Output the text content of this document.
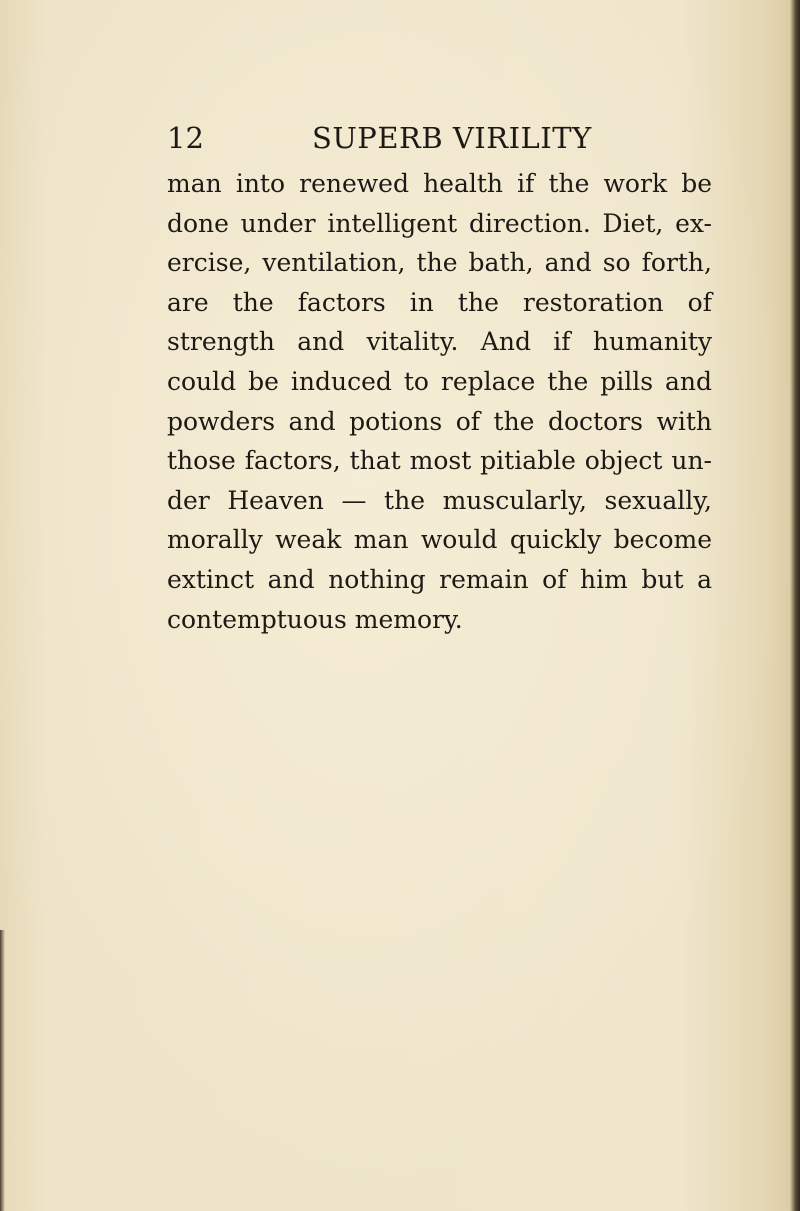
12	SUPERB VIRILITY
man into renewed health if the work be
done under intelligent direction. Diet, ex-
ercise, ventilation, the bath, and so forth,
are the factors in the restoration of
strength and vitality. And if humanity
could be induced to replace the pills and
powders and potions of the doctors with
those factors, that most pitiable object un-
der Heaven — the muscularly, sexually,
morally weak man would quickly become
extinct and nothing remain of him but a
contemptuous memory.
